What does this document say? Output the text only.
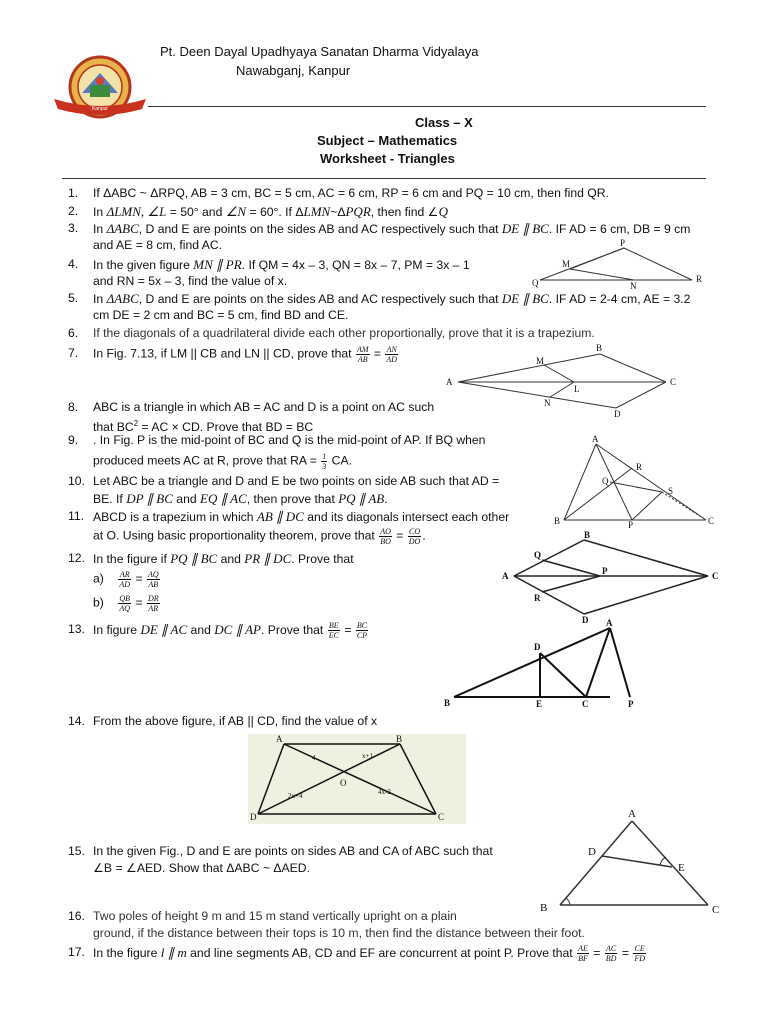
Kanpur
Pt. Deen Dayal Upadhyaya Sanatan Dharma Vidyalaya
Nawabganj, Kanpur
Class – X
Subject – Mathematics
Worksheet - Triangles
1.	If ΔABC ~ ΔRPQ, AB = 3 cm, BC = 5 cm, AC = 6 cm, RP = 6 cm and PQ = 10 cm, then find QR.
2.	In ΔLMN, ∠L = 50° and ∠N = 60°. If ΔLMN~ΔPQR, then find ∠Q
3.	In ΔABC, D and E are points on the sides AB and AC respectively such that DE ∥ BC. IF AD = 6 cm, DB = 9 cm
and AE = 8 cm, find AC.
4.	In the given figure MN ∥ PR. If QM = 4x – 3, QN = 8x – 7, PM = 3x – 1
and RN = 5x – 3, find the value of x.
P
M
Q	N
R
5.	In ΔABC, D and E are points on the sides AB and AC respectively such that DE ∥ BC. IF AD = 2-4 cm, AE = 3.2
cm DE = 2 cm and BC = 5 cm, find BD and CE.
6.	If the diagonals of a quadrilateral divide each other proportionally, prove that it is a trapezium.
7.	In Fig. 7.13, if LM || CB and LN || CD, prove that $\frac{AM}{AB} = \frac{AN}{AD}$	B
M
A
L
C
N
D
8.	ABC is a triangle in which AB = AC and D is a point on AC such
that $BC^2$ = AC × CD. Prove that BD = BC
9.	. In Fig. P is the mid-point of BC and Q is the mid-point of AP. If BQ when
produced meets AC at R, prove that RA = $\frac{1}{3}$ CA.
A
R
Q
S
B	P	C
10. Let ABC be a triangle and D and E be two points on side AB such that AD =
BE. If DP ∥ BC and EQ ∥ AC, then prove that PQ ∥ AB.
11. ABCD is a trapezium in which AB ∥ DC and its diagonals intersect each other
at O. Using basic proportionality theorem, prove that $\frac{AO}{BO} = \frac{CO}{DO}$ .
12. In the figure if PQ ∥ BC and PR ∥ DC. Prove that
$a) \frac{AR}{AD} = \frac{AQ}{AB}$
$b) \frac{QB}{AQ} = \frac{DR}{AR}$
B
Q
A	P	C
R
D
13. In figure DE ∥ AC and DC ∥ AP. Prove that $\frac{BE}{EC} = \frac{BC}{CP}$	A
D
B	E	C	P
14. From the above figure, if AB || CD, find the value of x
A	B
D	C
O
4	x+1
2x+4	4x-2
A
D
E
B	C
15. In the given Fig., D and E are points on sides AB and CA of ABC such that
∠B = ∠AED. Show that ΔABC ~ ΔAED.
16. Two poles of height 9 m and 15 m stand vertically upright on a plain
ground, if the distance between their tops is 10 m, then find the distance between their foot.
17. In the figure l ∥ m and line segments AB, CD and EF are concurrent at point P. Prove that $\frac{AE}{BF} = \frac{AC}{BD} = \frac{CE}{FD}$
